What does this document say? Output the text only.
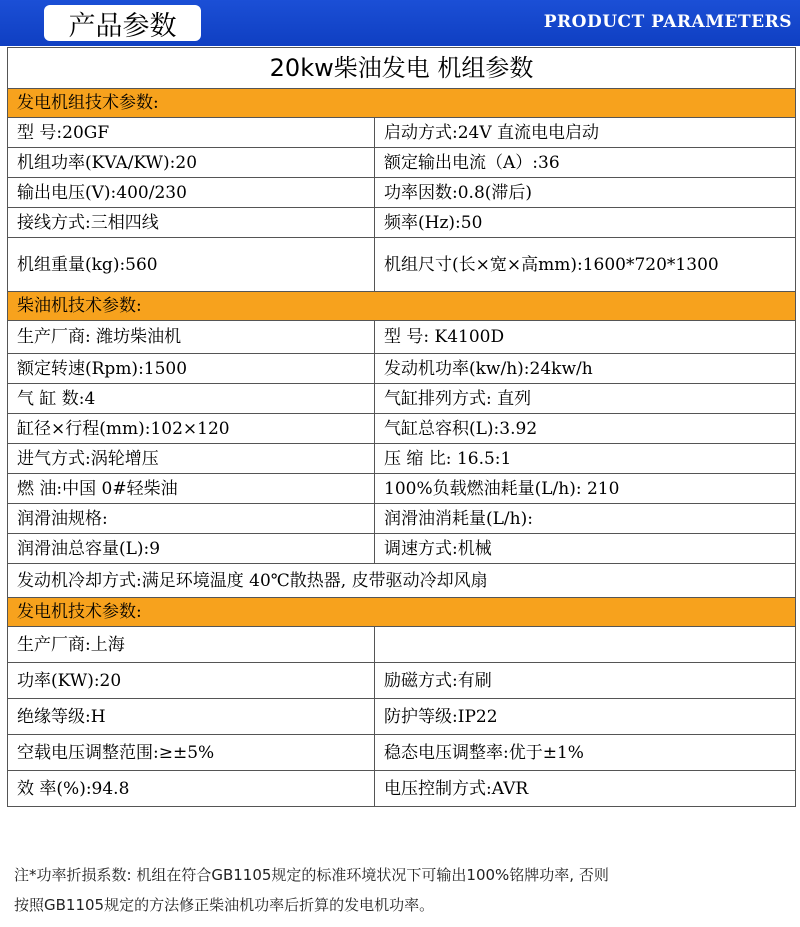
产品参数	PRODUCT PARAMETERS
20kw柴油发电 机组参数	
发电机组技术参数:	
型 号:20GF	启动方式:24V 直流电电启动
机组功率(KVA/KW):20	额定输出电流（A）:36
输出电压(V):400/230	功率因数:0.8(滞后)
接线方式:三相四线	频率(Hz):50
机组重量(kg):560	机组尺寸(长×宽×高mm):1600*720*1300
柴油机技术参数:	
生产厂商: 潍坊柴油机	型 号: K4100D
额定转速(Rpm):1500	发动机功率(kw/h):24kw/h
气 缸 数:4	气缸排列方式: 直列
缸径×行程(mm):102×120	气缸总容积(L):3.92
进气方式:涡轮增压	压 缩 比: 16.5:1
燃 油:中国 0#轻柴油	100%负载燃油耗量(L/h): 210
润滑油规格:	润滑油消耗量(L/h):
润滑油总容量(L):9	调速方式:机械
发动机冷却方式:满足环境温度 40℃散热器, 皮带驱动冷却风扇	
发电机技术参数:	
生产厂商:上海	
功率(KW):20	励磁方式:有刷
绝缘等级:H	防护等级:IP22
空载电压调整范围:≥±5%	稳态电压调整率:优于±1%
效 率(%):94.8	电压控制方式:AVR
注*功率折损系数: 机组在符合GB1105规定的标准环境状况下可输出100%铭牌功率, 否则
按照GB1105规定的方法修正柴油机功率后折算的发电机功率。
